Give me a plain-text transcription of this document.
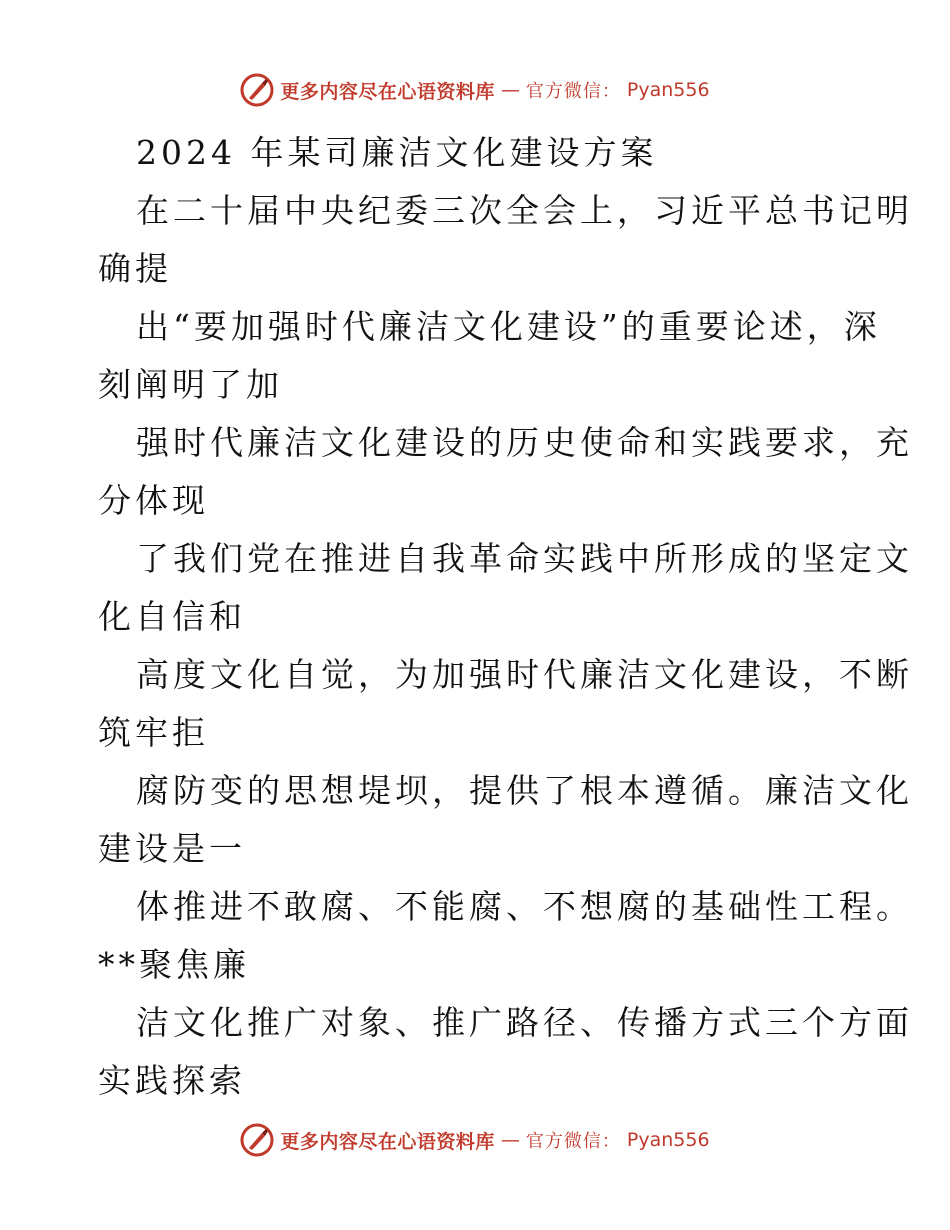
更多内容尽在心语资料库 — 官方微信： Pyan556
2024 年某司廉洁文化建设方案
在二十届中央纪委三次全会上，习近平总书记明
确提
出“要加强时代廉洁文化建设”的重要论述，深
刻阐明了加
强时代廉洁文化建设的历史使命和实践要求，充
分体现
了我们党在推进自我革命实践中所形成的坚定文
化自信和
高度文化自觉，为加强时代廉洁文化建设，不断
筑牢拒
腐防变的思想堤坝，提供了根本遵循。廉洁文化
建设是一
体推进不敢腐、不能腐、不想腐的基础性工程。
**聚焦廉
洁文化推广对象、推广路径、传播方式三个方面
实践探索
更多内容尽在心语资料库 — 官方微信： Pyan556
